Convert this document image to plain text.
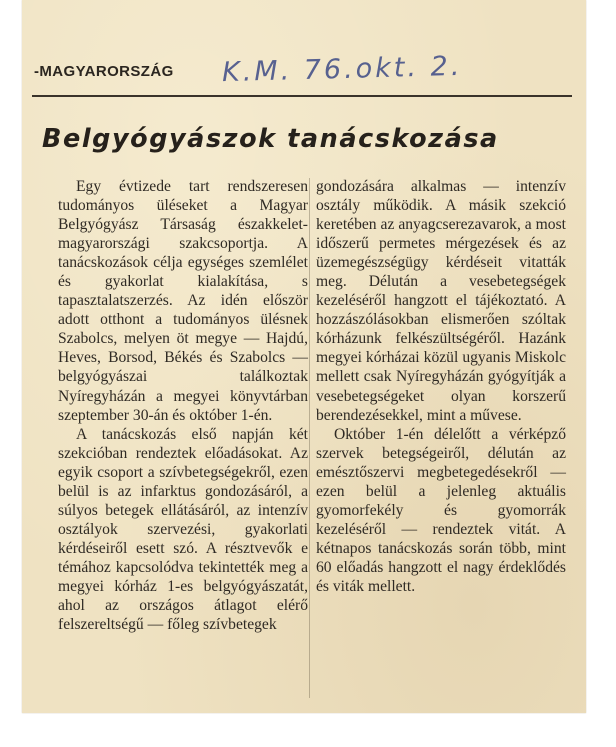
-MAGYARORSZÁG K.M. 76.okt. 2.
Belgyógyászok tanácskozása

Egy évtizede tart rendszeresen tudományos üléseket a Magyar Belgyógyász Társaság északkelet-magyarországi szakcsoportja. A tanácskozások célja egységes szemlélet és gyakorlat kialakítása, s tapasztalatszerzés. Az idén először adott otthont a tudományos ülésnek Szabolcs, melyen öt megye — Hajdú, Heves, Borsod, Békés és Szabolcs — belgyógyászai találkoztak Nyíregyházán a megyei könyvtárban szeptember 30-án és október 1-én.

A tanácskozás első napján két szekcióban rendeztek előadásokat. Az egyik csoport a szívbetegségekről, ezen belül is az infarktus gondozásáról, a súlyos betegek ellátásáról, az intenzív osztályok szervezési, gyakorlati kérdéseiről esett szó. A résztvevők e témához kapcsolódva tekintették meg a megyei kórház 1-es belgyógyászatát, ahol az országos átlagot elérő felszereltségű — főleg szívbetegek

gondozására alkalmas — intenzív osztály működik. A másik szekció keretében az anyagcserezavarok, a most időszerű permetes mérgezések és az üzemegészségügy kérdéseit vitatták meg. Délután a vesebetegségek kezeléséről hangzott el tájékoztató. A hozzászólásokban elismerően szóltak kórházunk felkészültségéről. Hazánk megyei kórházai közül ugyanis Miskolc mellett csak Nyíregyházán gyógyítják a vesebetegségeket olyan korszerű berendezésekkel, mint a művese.

Október 1-én délelőtt a vérképző szervek betegségeiről, délután az emésztőszervi megbetegedésekről — ezen belül a jelenleg aktuális gyomorfekély és gyomorrák kezeléséről — rendeztek vitát. A kétnapos tanácskozás során több, mint 60 előadás hangzott el nagy érdeklődés és viták mellett.
